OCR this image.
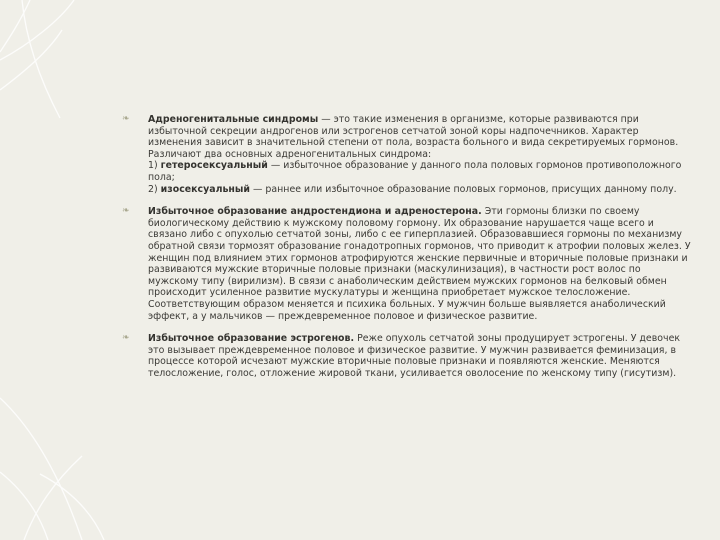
❧ Адреногенитальные синдромы — это такие изменения в организме, которые развиваются при избыточной секреции андрогенов или эстрогенов сетчатой зоной коры надпочечников. Характер изменения зависит в значительной степени от пола, возраста больного и вида секретируемых гормонов. Различают два основных адреногенитальных синдрома:
1) гетеросексуальный — избыточное образование у данного пола половых гормонов противоположного пола;
2) изосексуальный — раннее или избыточное образование половых гормонов, присущих данному полу.

❧ Избыточное образование андростендиона и адреностерона. Эти гормоны близки по своему биологическому действию к мужскому половому гормону. Их образование нарушается чаще всего и связано либо с опухолью сетчатой зоны, либо с ее гиперплазией. Образовавшиеся гормоны по механизму обратной связи тормозят образование гонадотропных гормонов, что приводит к атрофии половых желез. У женщин под влиянием этих гормонов атрофируются женские первичные и вторичные половые признаки и развиваются мужские вторичные половые признаки (маскулинизация), в частности рост волос по мужскому типу (вирилизм). В связи с анаболическим действием мужских гормонов на белковый обмен происходит усиленное развитие мускулатуры и женщина приобретает мужское телосложение. Соответствующим образом меняется и психика больных. У мужчин больше выявляется анаболический эффект, а у мальчиков — преждевременное половое и физическое развитие.

❧ Избыточное образование эстрогенов. Реже опухоль сетчатой зоны продуцирует эстрогены. У девочек это вызывает преждевременное половое и физическое развитие. У мужчин развивается феминизация, в процессе которой исчезают мужские вторичные половые признаки и появляются женские. Меняются телосложение, голос, отложение жировой ткани, усиливается оволосение по женскому типу (гисутизм).
